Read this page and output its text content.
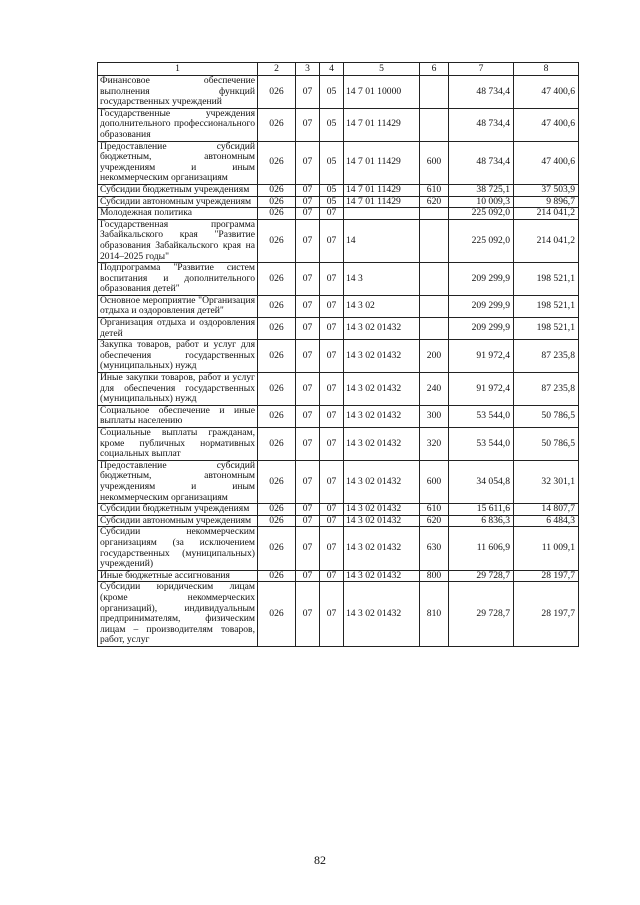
1	2	3	4	5	6	7	8
Финансовое обеспечение выполнения функций государственных учреждений	026	07	05	14 7 01 10000		48 734,4	47 400,6
Государственные учреждения дополнительного профессионального образования	026	07	05	14 7 01 11429		48 734,4	47 400,6
Предоставление субсидий бюджетным, автономным учреждениям и иным некоммерческим организациям	026	07	05	14 7 01 11429	600	48 734,4	47 400,6
Субсидии бюджетным учреждениям	026	07	05	14 7 01 11429	610	38 725,1	37 503,9
Субсидии автономным учреждениям	026	07	05	14 7 01 11429	620	10 009,3	9 896,7
Молодежная политика	026	07	07			225 092,0	214 041,2
Государственная программа Забайкальского края "Развитие образования Забайкальского края на 2014–2025 годы"	026	07	07	14		225 092,0	214 041,2
Подпрограмма "Развитие систем воспитания и дополнительного образования детей"	026	07	07	14 3		209 299,9	198 521,1
Основное мероприятие "Организация отдыха и оздоровления детей"	026	07	07	14 3 02		209 299,9	198 521,1
Организация отдыха и оздоровления детей	026	07	07	14 3 02 01432		209 299,9	198 521,1
Закупка товаров, работ и услуг для обеспечения государственных (муниципальных) нужд	026	07	07	14 3 02 01432	200	91 972,4	87 235,8
Иные закупки товаров, работ и услуг для обеспечения государственных (муниципальных) нужд	026	07	07	14 3 02 01432	240	91 972,4	87 235,8
Социальное обеспечение и иные выплаты населению	026	07	07	14 3 02 01432	300	53 544,0	50 786,5
Социальные выплаты гражданам, кроме публичных нормативных социальных выплат	026	07	07	14 3 02 01432	320	53 544,0	50 786,5
Предоставление субсидий бюджетным, автономным учреждениям и иным некоммерческим организациям	026	07	07	14 3 02 01432	600	34 054,8	32 301,1
Субсидии бюджетным учреждениям	026	07	07	14 3 02 01432	610	15 611,6	14 807,7
Субсидии автономным учреждениям	026	07	07	14 3 02 01432	620	6 836,3	6 484,3
Субсидии некоммерческим организациям (за исключением государственных (муниципальных) учреждений)	026	07	07	14 3 02 01432	630	11 606,9	11 009,1
Иные бюджетные ассигнования	026	07	07	14 3 02 01432	800	29 728,7	28 197,7
Субсидии юридическим лицам (кроме некоммерческих организаций), индивидуальным предпринимателям, физическим лицам – производителям товаров, работ, услуг	026	07	07	14 3 02 01432	810	29 728,7	28 197,7
82
